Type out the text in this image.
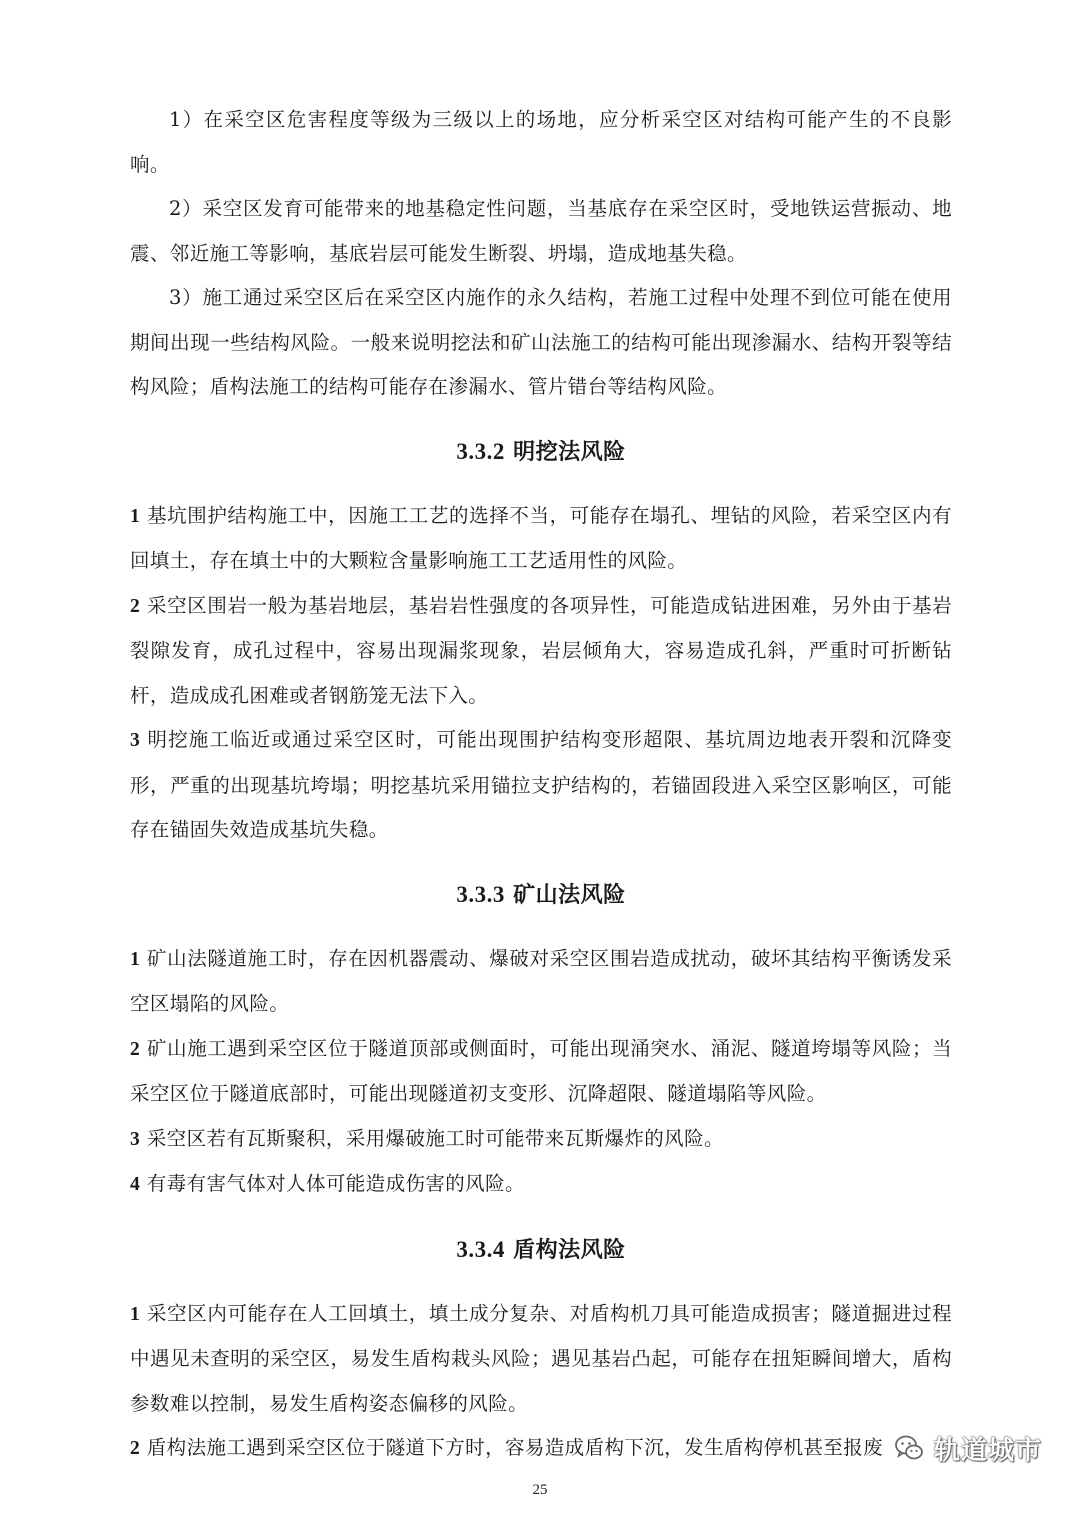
1）在采空区危害程度等级为三级以上的场地，应分析采空区对结构可能产生的不良影响。

2）采空区发育可能带来的地基稳定性问题，当基底存在采空区时，受地铁运营振动、地震、邻近施工等影响，基底岩层可能发生断裂、坍塌，造成地基失稳。

3）施工通过采空区后在采空区内施作的永久结构，若施工过程中处理不到位可能在使用期间出现一些结构风险。一般来说明挖法和矿山法施工的结构可能出现渗漏水、结构开裂等结构风险；盾构法施工的结构可能存在渗漏水、管片错台等结构风险。

3.3.2 明挖法风险

1 基坑围护结构施工中，因施工工艺的选择不当，可能存在塌孔、埋钻的风险，若采空区内有回填土，存在填土中的大颗粒含量影响施工工艺适用性的风险。

2 采空区围岩一般为基岩地层，基岩岩性强度的各项异性，可能造成钻进困难，另外由于基岩裂隙发育，成孔过程中，容易出现漏浆现象，岩层倾角大，容易造成孔斜，严重时可折断钻杆，造成成孔困难或者钢筋笼无法下入。

3 明挖施工临近或通过采空区时，可能出现围护结构变形超限、基坑周边地表开裂和沉降变形，严重的出现基坑垮塌；明挖基坑采用锚拉支护结构的，若锚固段进入采空区影响区，可能存在锚固失效造成基坑失稳。

3.3.3 矿山法风险

1 矿山法隧道施工时，存在因机器震动、爆破对采空区围岩造成扰动，破坏其结构平衡诱发采空区塌陷的风险。

2 矿山施工遇到采空区位于隧道顶部或侧面时，可能出现涌突水、涌泥、隧道垮塌等风险；当采空区位于隧道底部时，可能出现隧道初支变形、沉降超限、隧道塌陷等风险。

3 采空区若有瓦斯聚积，采用爆破施工时可能带来瓦斯爆炸的风险。

4 有毒有害气体对人体可能造成伤害的风险。

3.3.4 盾构法风险

1 采空区内可能存在人工回填土，填土成分复杂、对盾构机刀具可能造成损害；隧道掘进过程中遇见未查明的采空区，易发生盾构栽头风险；遇见基岩凸起，可能存在扭矩瞬间增大，盾构参数难以控制，易发生盾构姿态偏移的风险。

2 盾构法施工遇到采空区位于隧道下方时，容易造成盾构下沉，发生盾构停机甚至报废

25
轨道城市
